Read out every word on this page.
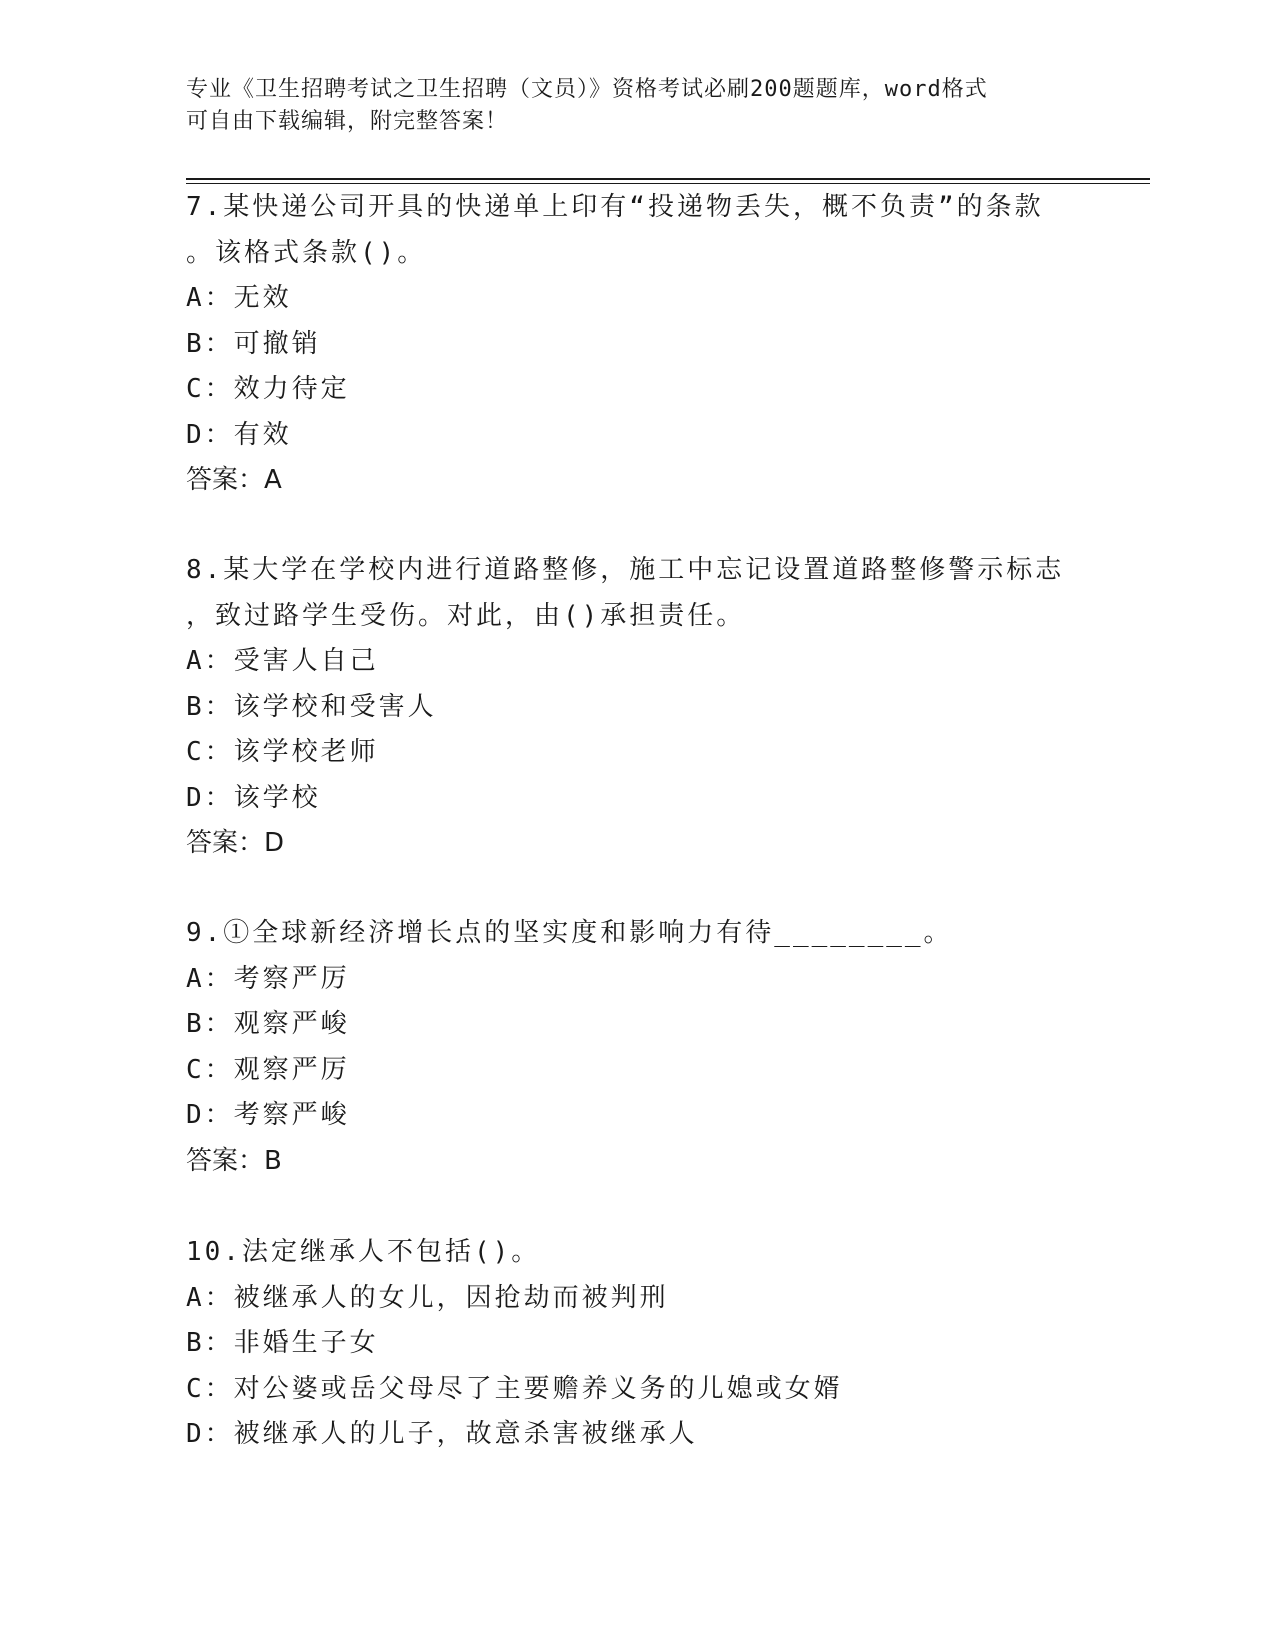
专业《卫生招聘考试之卫生招聘（文员）》资格考试必刷200题题库，word格式
可自由下载编辑，附完整答案！
7.某快递公司开具的快递单上印有“投递物丢失，概不负责”的条款
。该格式条款()。
A：无效
B：可撤销
C：效力待定
D：有效
答案：A
8.某大学在学校内进行道路整修，施工中忘记设置道路整修警示标志
，致过路学生受伤。对此，由()承担责任。
A：受害人自己
B：该学校和受害人
C：该学校老师
D：该学校
答案：D
9.①全球新经济增长点的坚实度和影响力有待________。
A：考察严厉
B：观察严峻
C：观察严厉
D：考察严峻
答案：B
10.法定继承人不包括()。
A：被继承人的女儿，因抢劫而被判刑
B：非婚生子女
C：对公婆或岳父母尽了主要赡养义务的儿媳或女婿
D：被继承人的儿子，故意杀害被继承人
